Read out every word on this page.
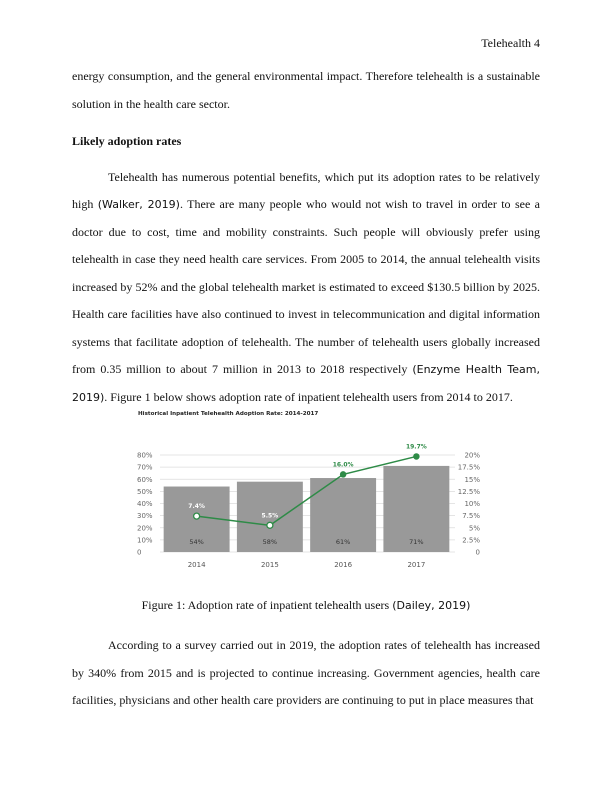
Telehealth 4

energy consumption, and the general environmental impact. Therefore telehealth is a sustainable solution in the health care sector.

Likely adoption rates

Telehealth has numerous potential benefits, which put its adoption rates to be relatively high (Walker, 2019). There are many people who would not wish to travel in order to see a doctor due to cost, time and mobility constraints. Such people will obviously prefer using telehealth in case they need health care services. From 2005 to 2014, the annual telehealth visits increased by 52% and the global telehealth market is estimated to exceed $130.5 billion by 2025. Health care facilities have also continued to invest in telecommunication and digital information systems that facilitate adoption of telehealth. The number of telehealth users globally increased from 0.35 million to about 7 million in 2013 to 2018 respectively (Enzyme Health Team, 2019). Figure 1 below shows adoption rate of inpatient telehealth users from 2014 to 2017.

Historical Inpatient Telehealth Adoption Rate: 2014-2017
0	0
10%	2.5%
20%	5%
30%	7.5%
40%	10%
50%	12.5%
60%	15%
70%	17.5%
80%	20%
54%
2014
58%
2015
61%
2016
71%
2017
7.4%
5.5%
16.0%
19.7%
Figure 1: Adoption rate of inpatient telehealth users (Dailey, 2019)

According to a survey carried out in 2019, the adoption rates of telehealth has increased by 340% from 2015 and is projected to continue increasing. Government agencies, health care facilities, physicians and other health care providers are continuing to put in place measures that
